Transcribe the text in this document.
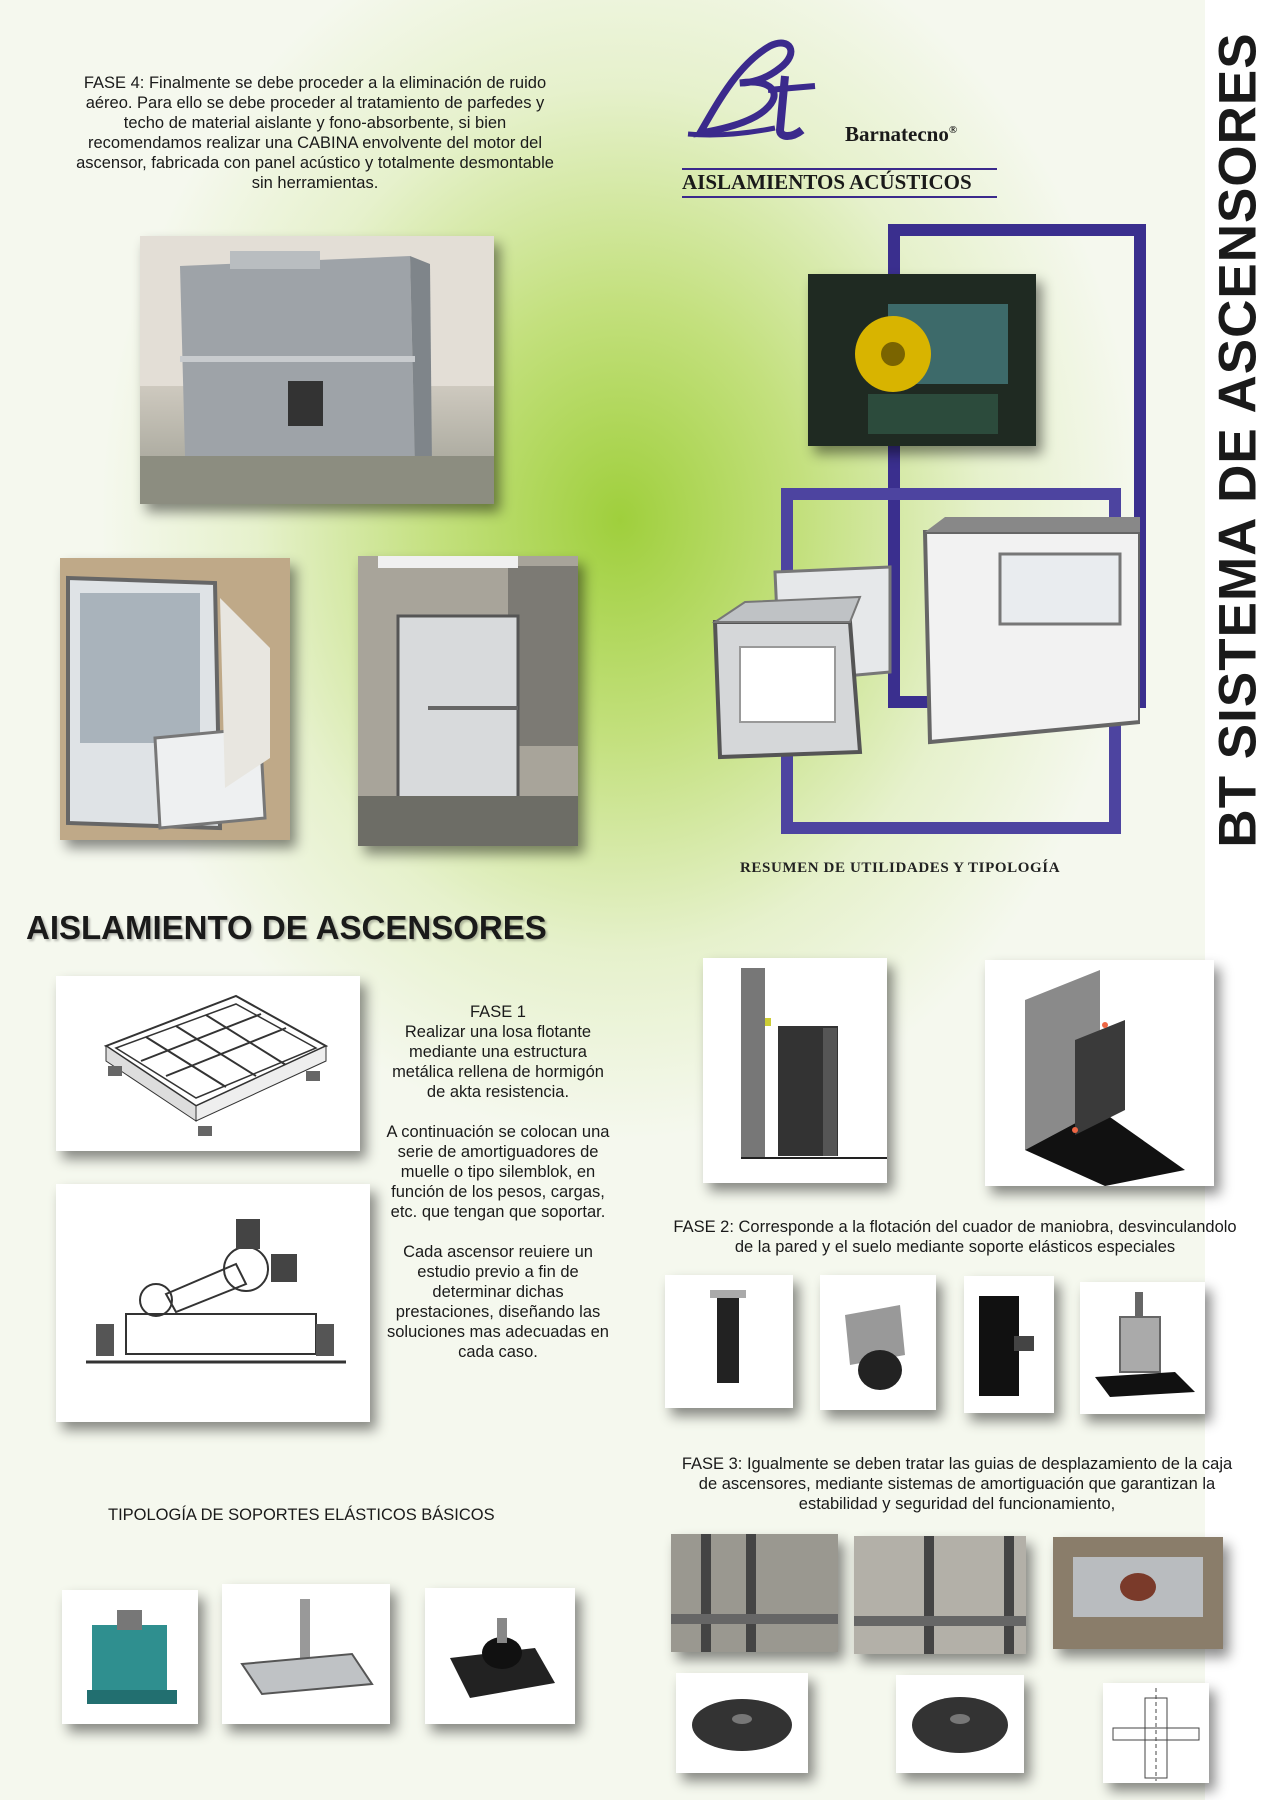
BT SISTEMA DE ASCENSORES
FASE 4: Finalmente se debe proceder a la eliminación de ruido aéreo. Para ello se debe proceder al tratamiento de parfedes y techo de material aislante y fono-absorbente, si bien recomendamos realizar una CABINA envolvente del motor del ascensor, fabricada con panel acústico y totalmente desmontable sin herramientas.
Barnatecno®
AISLAMIENTOS ACÚSTICOS
RESUMEN DE UTILIDADES Y TIPOLOGÍA
AISLAMIENTO DE ASCENSORES
FASE 1
Realizar una losa flotante mediante una estructura metálica rellena de hormigón de akta resistencia.
A continuación se colocan una serie de amortiguadores de muelle o tipo silemblok, en función de los pesos, cargas, etc. que tengan que soportar.
Cada ascensor reuiere un estudio previo a fin de determinar dichas prestaciones, diseñando las soluciones mas adecuadas en cada caso.
FASE 2: Corresponde a la flotación del cuador de maniobra, desvinculandolo de la pared y el suelo mediante soporte elásticos especiales
FASE 3: Igualmente se deben tratar las guias de desplazamiento de la caja de ascensores, mediante sistemas de amortiguación que garantizan la estabilidad y seguridad del funcionamiento,
TIPOLOGÍA DE SOPORTES ELÁSTICOS BÁSICOS
